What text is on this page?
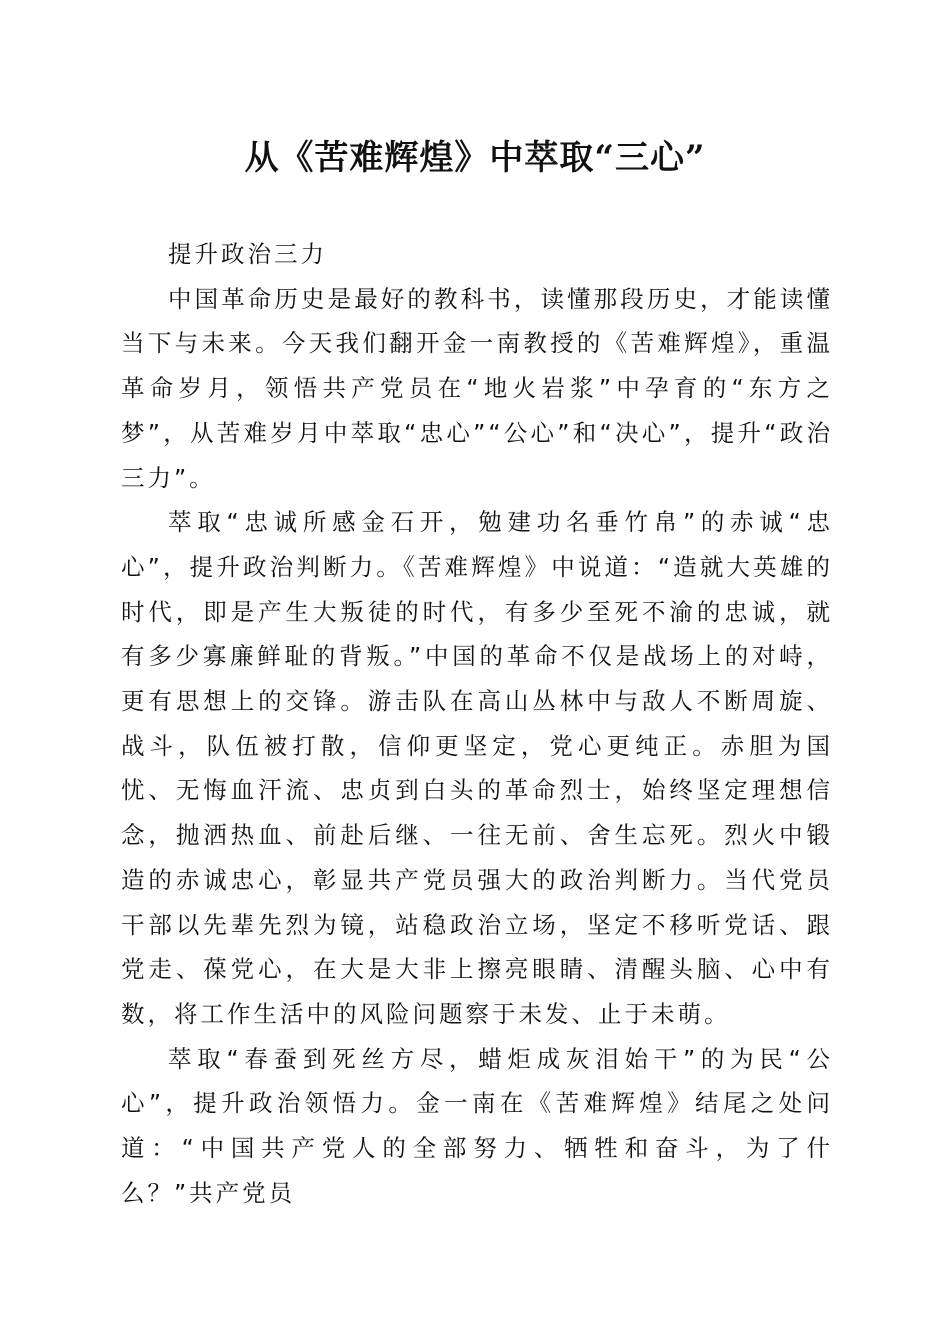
从《苦难辉煌》中萃取“三心”

提升政治三力

中国革命历史是最好的教科书，读懂那段历史，才能读懂当下与未来。今天我们翻开金一南教授的《苦难辉煌》，重温革命岁月，领悟共产党员在“地火岩浆”中孕育的“东方之梦”，从苦难岁月中萃取“忠心”“公心”和“决心”，提升“政治三力”。

萃取“忠诚所感金石开，勉建功名垂竹帛”的赤诚“忠心”，提升政治判断力。《苦难辉煌》中说道：“造就大英雄的时代，即是产生大叛徒的时代，有多少至死不渝的忠诚，就有多少寡廉鲜耻的背叛。”中国的革命不仅是战场上的对峙，更有思想上的交锋。游击队在高山丛林中与敌人不断周旋、战斗，队伍被打散，信仰更坚定，党心更纯正。赤胆为国忧、无悔血汗流、忠贞到白头的革命烈士，始终坚定理想信念，抛洒热血、前赴后继、一往无前、舍生忘死。烈火中锻造的赤诚忠心，彰显共产党员强大的政治判断力。当代党员干部以先辈先烈为镜，站稳政治立场，坚定不移听党话、跟党走、葆党心，在大是大非上擦亮眼睛、清醒头脑、心中有数，将工作生活中的风险问题察于未发、止于未萌。

萃取“春蚕到死丝方尽，蜡炬成灰泪始干”的为民“公心”，提升政治领悟力。金一南在《苦难辉煌》结尾之处问道：“中国共产党人的全部努力、牺牲和奋斗，为了什么？”共产党员
